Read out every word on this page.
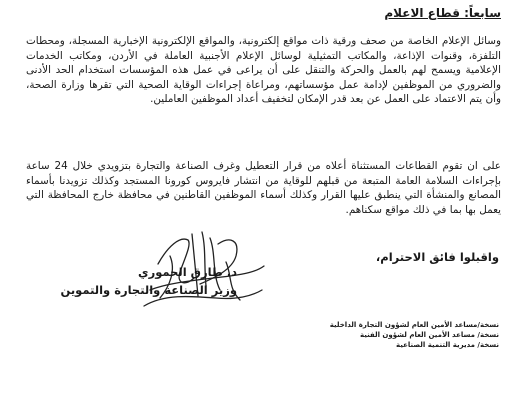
سابعاً: قطاع الاعلام
وسائل الإعلام الخاصة من صحف ورقية ذات مواقع إلكترونية، والمواقع الإلكترونية الإخبارية المسجلة، ومحطات التلفزة، وقنوات الإذاعة، والمكاتب التمثيلية لوسائل الإعلام الأجنبية العاملة في الأردن، ومكاتب الخدمات الإعلامية ويسمح لهم بالعمل والحركة والتنقل على أن يراعى في عمل هذه المؤسسات استخدام الحد الأدنى والضروري من الموظفين لإدامة عمل مؤسساتهم، ومراعاة إجراءات الوقاية الصحية التي تقرها وزارة الصحة، وأن يتم الاعتماد على العمل عن بعد قدر الإمكان لتخفيف أعداد الموظفين العاملين.
على ان تقوم القطاعات المستثناة أعلاه من قرار التعطيل وغرف الصناعة والتجارة بتزويدي خلال 24 ساعة بإجراءات السلامة العامة المتبعة من قبلهم للوقاية من انتشار فايروس كورونا المستجد وكذلك تزويدنا بأسماء المصانع والمنشأة التي ينطبق عليها القرار وكذلك أسماء الموظفين القاطنين في محافظة خارج المحافظة التي يعمل بها بما في ذلك مواقع سكناهم.
واقبلوا فائق الاحترام،
د. طارق الحموري
وزير الصناعة والتجارة والتموين
نسخة/مساعد الأمين العام لشؤون التجارة الداخلية
نسخة/ مساعد الأمين العام لشؤون الفنية
نسخة/ مديرية التنمية الصناعية
